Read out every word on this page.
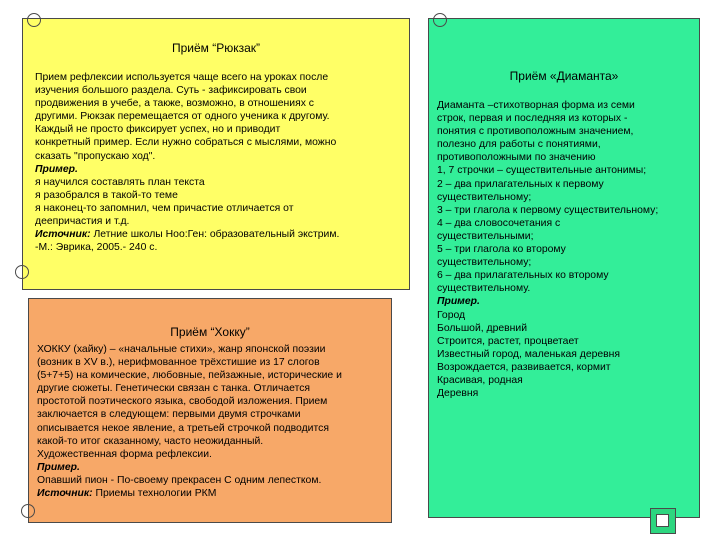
Приём “Рюкзак”

Прием рефлексии используется чаще всего на уроках после

изучения большого раздела. Суть - зафиксировать свои

продвижения в учебе, а также, возможно, в отношениях с

другими. Рюкзак перемещается от одного ученика к другому.

Каждый не просто фиксирует успех, но и приводит

конкретный пример. Если нужно собраться с мыслями, можно

сказать "пропускаю ход".

Пример.

я научился составлять план текста

я разобрался в такой-то теме

я наконец-то запомнил, чем причастие отличается от

деепричастия и т.д.

Источник: Летние школы Ноо:Ген: образовательный экстрим.

-М.: Эврика, 2005.- 240 с.

Приём «Диаманта»

Диаманта –стихотворная форма из семи

строк, первая и последняя из которых -

понятия с противоположным значением,

полезно для работы с понятиями,

противоположными по значению

1, 7 строчки – существительные антонимы;

2 – два прилагательных к первому

существительному;

3 – три глагола к первому существительному;

4 – два словосочетания с

существительными;

5 – три глагола ко второму

существительному;

6 – два прилагательных ко второму

существительному.

Пример.

Город

Большой, древний

Строится, растет, процветает

Известный город, маленькая деревня

Возрождается, развивается, кормит

Красивая, родная

Деревня

Приём “Хокку”

ХОККУ (хайку) – «начальные стихи», жанр японской поэзии

(возник в XV в.), нерифмованное трёхстишие из 17 слогов

(5+7+5) на комические, любовные, пейзажные, исторические и

другие сюжеты. Генетически связан с танка. Отличается

простотой поэтического языка, свободой изложения. Прием

заключается в следующем: первыми двумя строчками

описывается некое явление, а третьей строчкой подводится

какой-то итог сказанному, часто неожиданный.

Художественная форма рефлексии.

Пример.

Опавший пион - По-своему прекрасен С одним лепестком.

Источник: Приемы технологии РКМ
